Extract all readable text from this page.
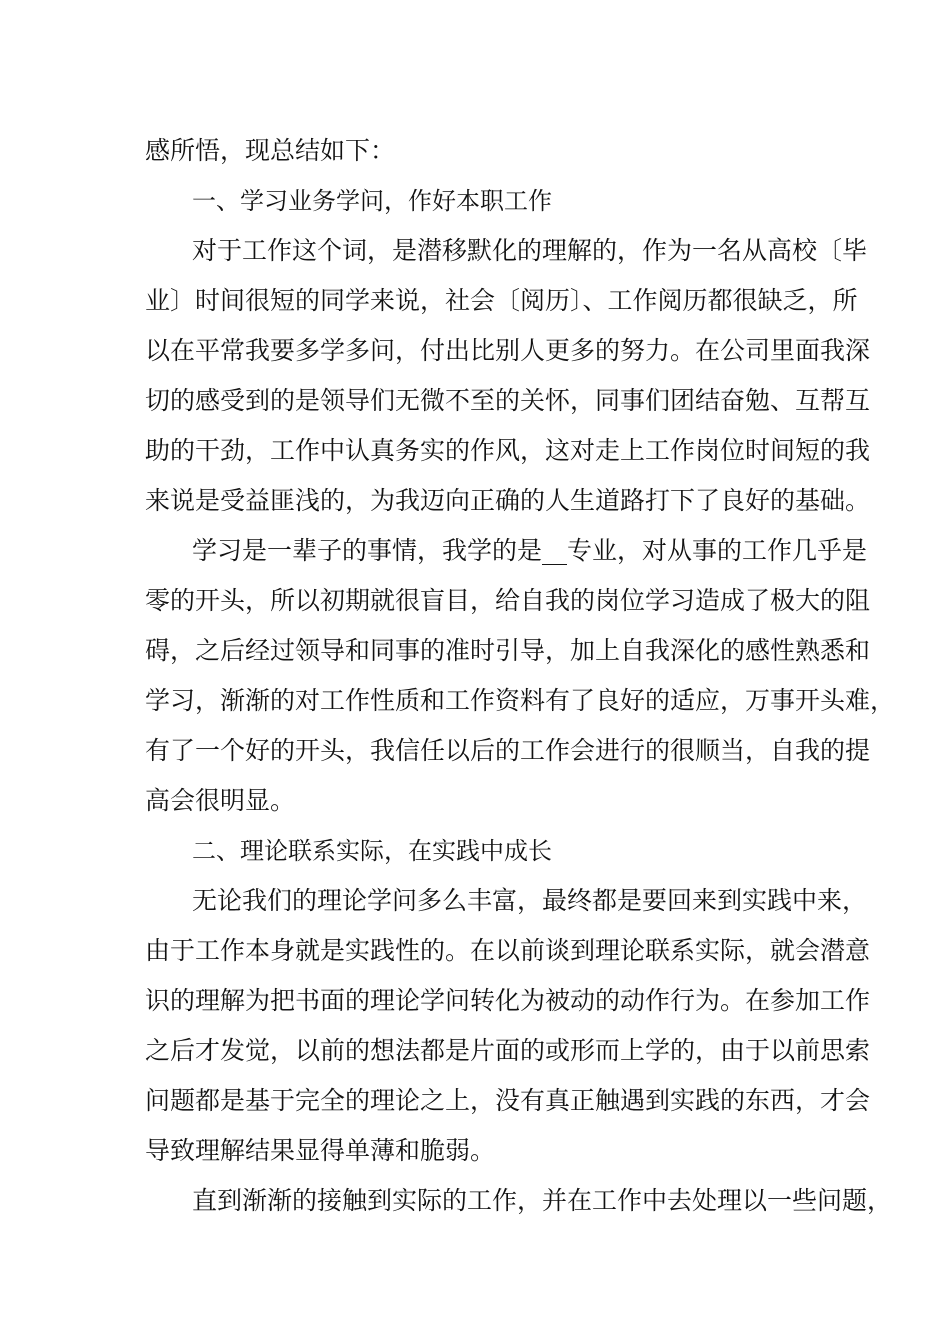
感所悟，现总结如下：

一、学习业务学问，作好本职工作

对于工作这个词，是潜移默化的理解的，作为一名从高校〔毕

业〕时间很短的同学来说，社会〔阅历〕、工作阅历都很缺乏，所

以在平常我要多学多问，付出比别人更多的努力。在公司里面我深

切的感受到的是领导们无微不至的关怀，同事们团结奋勉、互帮互

助的干劲，工作中认真务实的作风，这对走上工作岗位时间短的我

来说是受益匪浅的，为我迈向正确的人生道路打下了良好的基础。

学习是一辈子的事情，我学的是__专业，对从事的工作几乎是

零的开头，所以初期就很盲目，给自我的岗位学习造成了极大的阻

碍，之后经过领导和同事的准时引导，加上自我深化的感性熟悉和

学习，渐渐的对工作性质和工作资料有了良好的适应，万事开头难，

有了一个好的开头，我信任以后的工作会进行的很顺当，自我的提

高会很明显。

二、理论联系实际，在实践中成长

无论我们的理论学问多么丰富，最终都是要回来到实践中来，

由于工作本身就是实践性的。在以前谈到理论联系实际，就会潜意

识的理解为把书面的理论学问转化为被动的动作行为。在参加工作

之后才发觉，以前的想法都是片面的或形而上学的，由于以前思索

问题都是基于完全的理论之上，没有真正触遇到实践的东西，才会

导致理解结果显得单薄和脆弱。

直到渐渐的接触到实际的工作，并在工作中去处理以一些问题，
